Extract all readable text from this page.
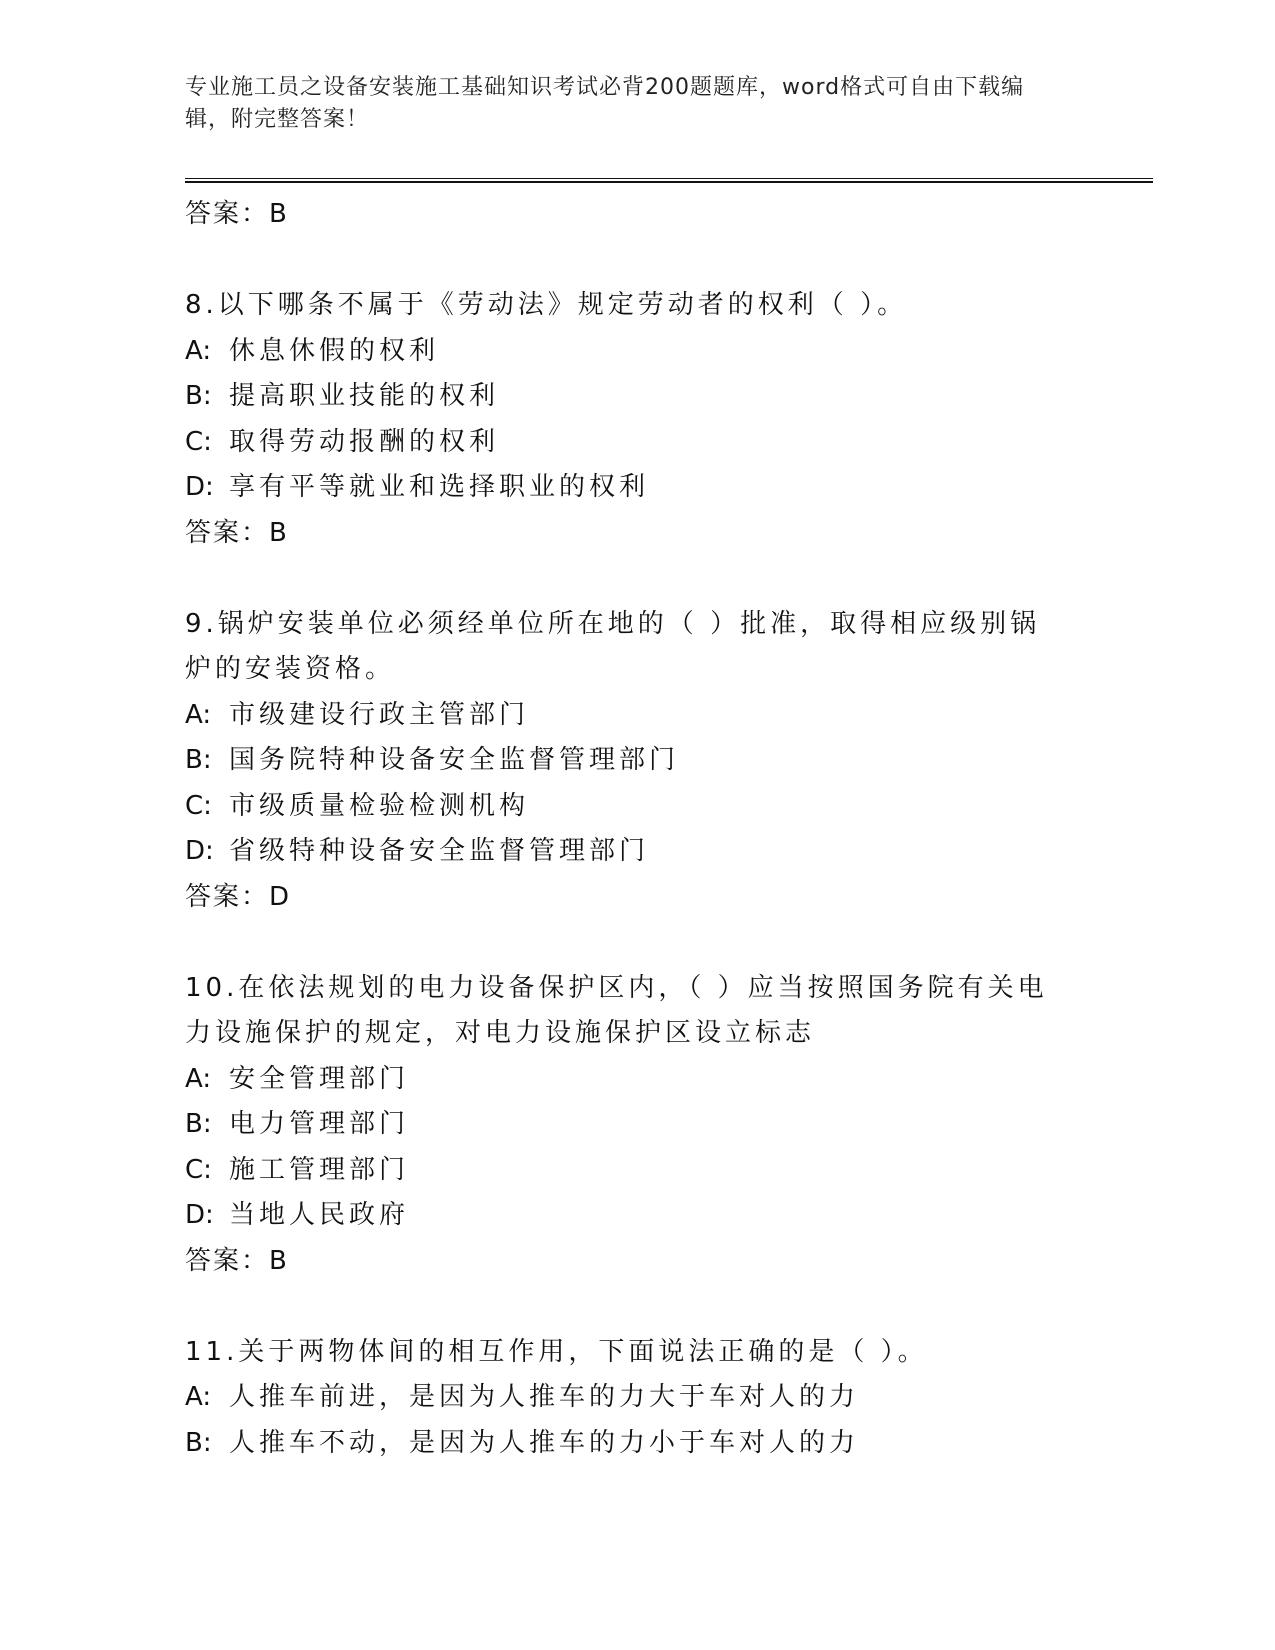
专业施工员之设备安装施工基础知识考试必背200题题库，word格式可自由下载编辑，附完整答案！
答案：B
8.以下哪条不属于《劳动法》规定劳动者的权利（ ）。
A: 休息休假的权利
B: 提高职业技能的权利
C: 取得劳动报酬的权利
D: 享有平等就业和选择职业的权利
答案：B
9.锅炉安装单位必须经单位所在地的（ ）批准，取得相应级别锅炉的安装资格。
A: 市级建设行政主管部门
B: 国务院特种设备安全监督管理部门
C: 市级质量检验检测机构
D: 省级特种设备安全监督管理部门
答案：D
10.在依法规划的电力设备保护区内，（ ）应当按照国务院有关电力设施保护的规定，对电力设施保护区设立标志
A: 安全管理部门
B: 电力管理部门
C: 施工管理部门
D: 当地人民政府
答案：B
11.关于两物体间的相互作用，下面说法正确的是（ ）。
A: 人推车前进，是因为人推车的力大于车对人的力
B: 人推车不动，是因为人推车的力小于车对人的力
